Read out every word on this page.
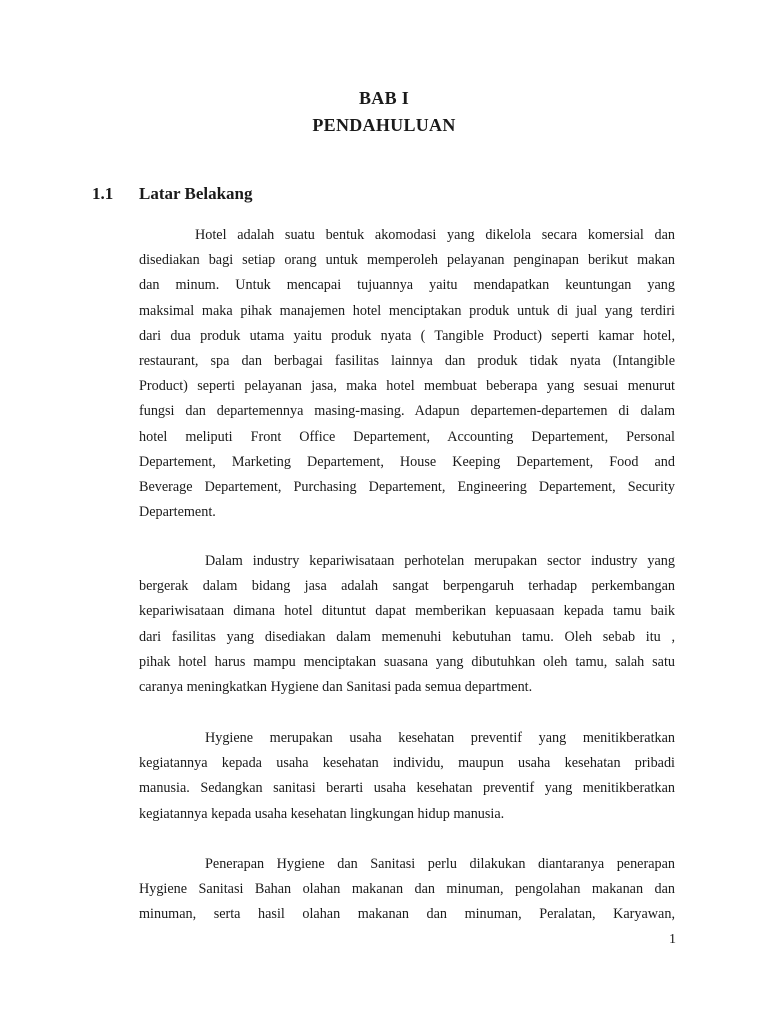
BAB I
PENDAHULUAN
1.1 Latar Belakang

Hotel adalah suatu bentuk akomodasi yang dikelola secara komersial dan
disediakan bagi setiap orang untuk memperoleh pelayanan penginapan berikut makan
dan minum. Untuk mencapai tujuannya yaitu mendapatkan keuntungan yang
maksimal maka pihak manajemen hotel menciptakan produk untuk di jual yang terdiri
dari dua produk utama yaitu produk nyata ( Tangible Product) seperti kamar hotel,
restaurant, spa dan berbagai fasilitas lainnya dan produk tidak nyata (Intangible
Product) seperti pelayanan jasa, maka hotel membuat beberapa yang sesuai menurut
fungsi dan departemennya masing-masing. Adapun departemen-departemen di dalam
hotel meliputi Front Office Departement, Accounting Departement, Personal
Departement, Marketing Departement, House Keeping Departement, Food and
Beverage Departement, Purchasing Departement, Engineering Departement, Security
Departement.

Dalam industry kepariwisataan perhotelan merupakan sector industry yang
bergerak dalam bidang jasa adalah sangat berpengaruh terhadap perkembangan
kepariwisataan dimana hotel dituntut dapat memberikan kepuasaan kepada tamu baik
dari fasilitas yang disediakan dalam memenuhi kebutuhan tamu. Oleh sebab itu ,
pihak hotel harus mampu menciptakan suasana yang dibutuhkan oleh tamu, salah satu
caranya meningkatkan Hygiene dan Sanitasi pada semua department.

Hygiene merupakan usaha kesehatan preventif yang menitikberatkan
kegiatannya kepada usaha kesehatan individu, maupun usaha kesehatan pribadi
manusia. Sedangkan sanitasi berarti usaha kesehatan preventif yang menitikberatkan
kegiatannya kepada usaha kesehatan lingkungan hidup manusia.

Penerapan Hygiene dan Sanitasi perlu dilakukan diantaranya penerapan
Hygiene Sanitasi Bahan olahan makanan dan minuman, pengolahan makanan dan
minuman, serta hasil olahan makanan dan minuman, Peralatan, Karyawan,

1
